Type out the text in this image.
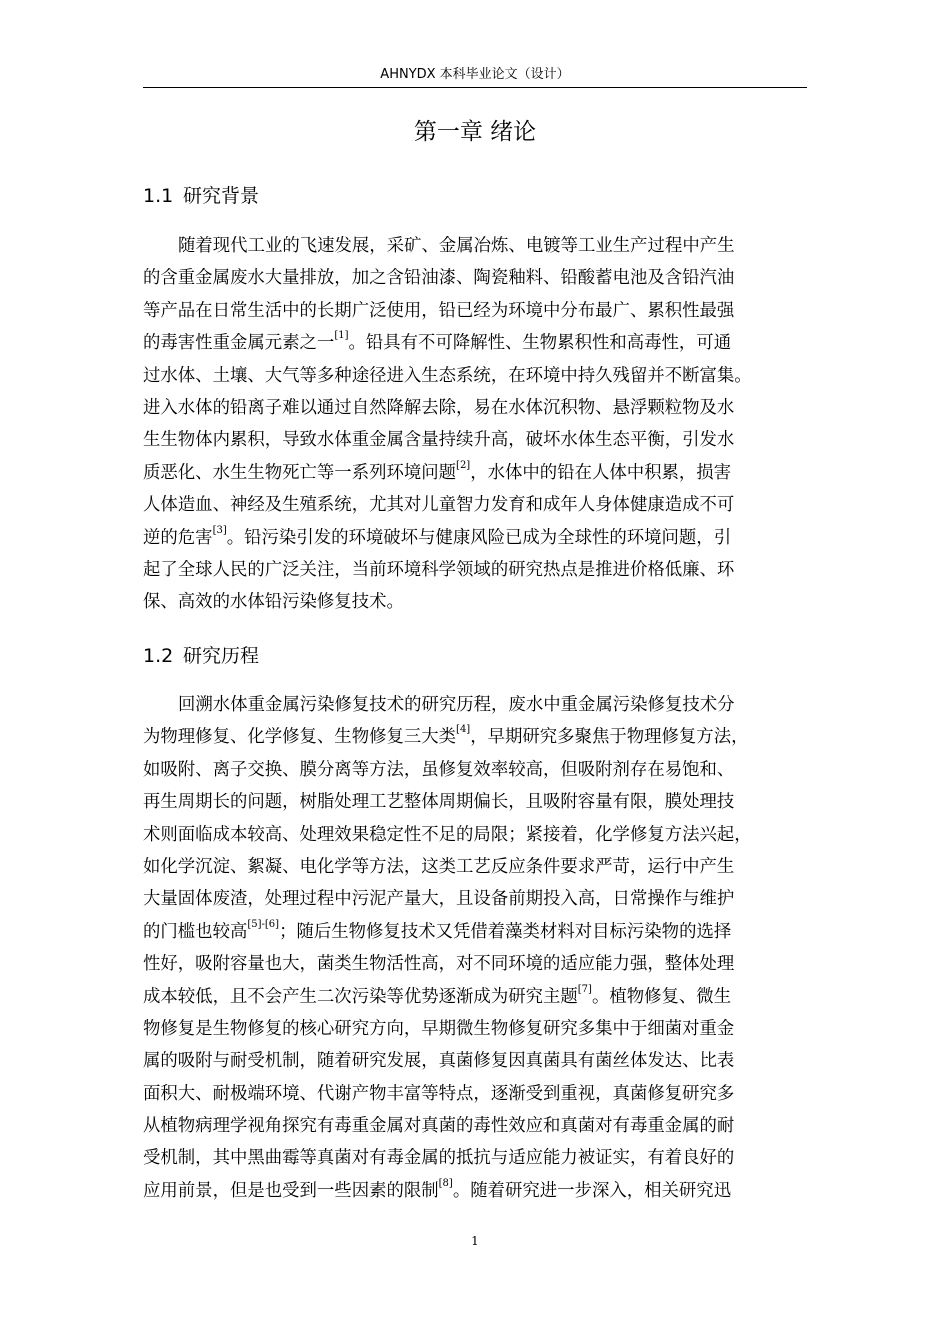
AHNYDX 本科毕业论文（设计）
第一章 绪论
1.1 研究背景
随着现代工业的飞速发展，采矿、金属冶炼、电镀等工业生产过程中产生
的含重金属废水大量排放，加之含铅油漆、陶瓷釉料、铅酸蓄电池及含铅汽油
等产品在日常生活中的长期广泛使用，铅已经为环境中分布最广、累积性最强
的毒害性重金属元素之一[1]。铅具有不可降解性、生物累积性和高毒性，可通
过水体、土壤、大气等多种途径进入生态系统，在环境中持久残留并不断富集。
进入水体的铅离子难以通过自然降解去除，易在水体沉积物、悬浮颗粒物及水
生生物体内累积，导致水体重金属含量持续升高，破坏水体生态平衡，引发水
质恶化、水生生物死亡等一系列环境问题[2]，水体中的铅在人体中积累，损害
人体造血、神经及生殖系统，尤其对儿童智力发育和成年人身体健康造成不可
逆的危害[3]。铅污染引发的环境破坏与健康风险已成为全球性的环境问题，引
起了全球人民的广泛关注，当前环境科学领域的研究热点是推进价格低廉、环
保、高效的水体铅污染修复技术。
1.2 研究历程
回溯水体重金属污染修复技术的研究历程，废水中重金属污染修复技术分
为物理修复、化学修复、生物修复三大类[4]，早期研究多聚焦于物理修复方法，
如吸附、离子交换、膜分离等方法，虽修复效率较高，但吸附剂存在易饱和、
再生周期长的问题，树脂处理工艺整体周期偏长，且吸附容量有限，膜处理技
术则面临成本较高、处理效果稳定性不足的局限；紧接着，化学修复方法兴起，
如化学沉淀、絮凝、电化学等方法，这类工艺反应条件要求严苛，运行中产生
大量固体废渣，处理过程中污泥产量大，且设备前期投入高，日常操作与维护
的门槛也较高[5]-[6]；随后生物修复技术又凭借着藻类材料对目标污染物的选择
性好，吸附容量也大，菌类生物活性高，对不同环境的适应能力强，整体处理
成本较低，且不会产生二次污染等优势逐渐成为研究主题[7]。植物修复、微生
物修复是生物修复的核心研究方向，早期微生物修复研究多集中于细菌对重金
属的吸附与耐受机制，随着研究发展，真菌修复因真菌具有菌丝体发达、比表
面积大、耐极端环境、代谢产物丰富等特点，逐渐受到重视，真菌修复研究多
从植物病理学视角探究有毒重金属对真菌的毒性效应和真菌对有毒重金属的耐
受机制，其中黑曲霉等真菌对有毒金属的抵抗与适应能力被证实，有着良好的
应用前景，但是也受到一些因素的限制[8]。随着研究进一步深入，相关研究迅
1
